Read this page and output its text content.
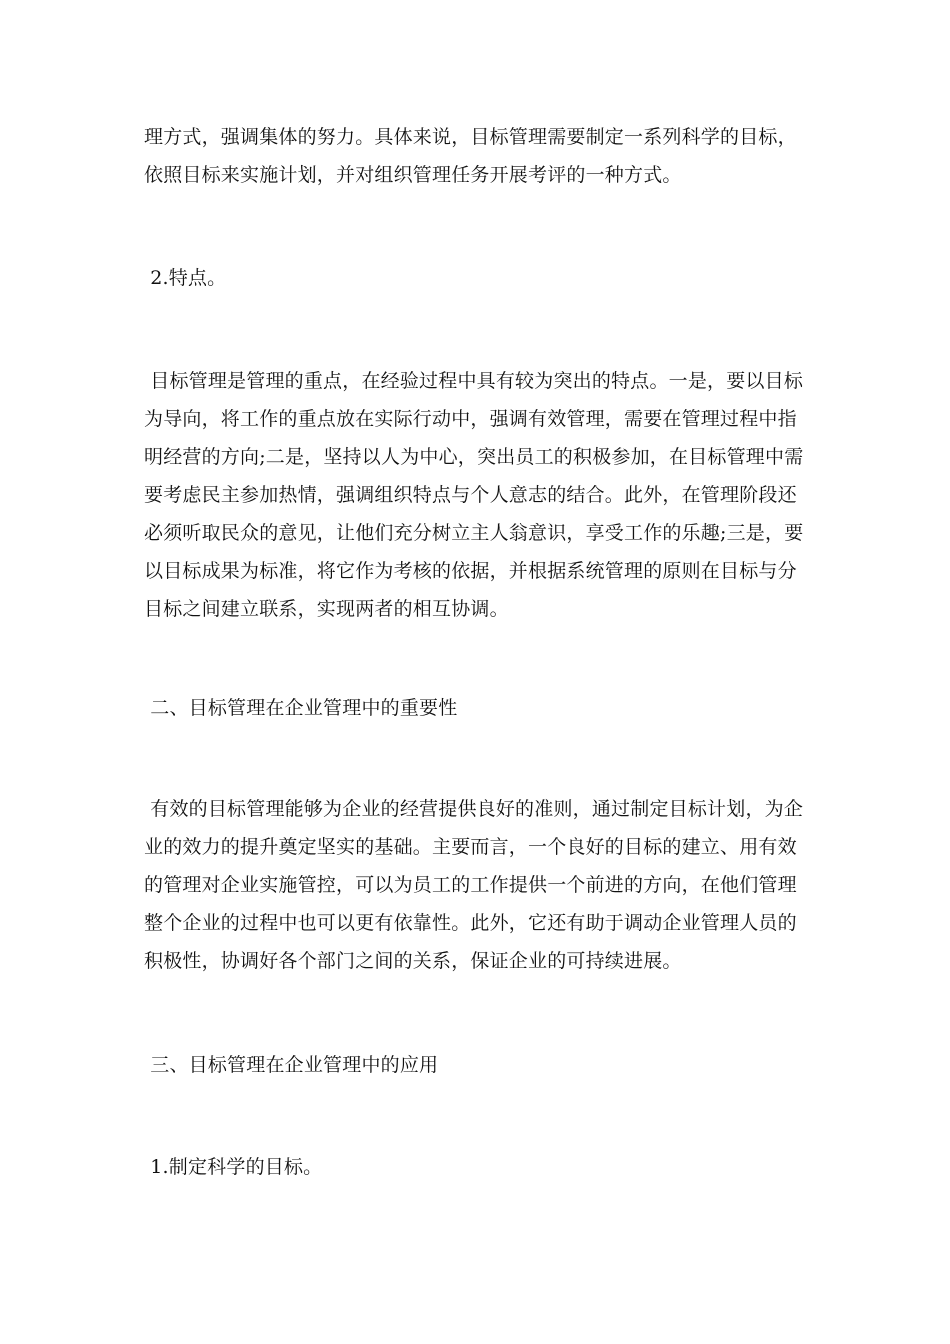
理方式，强调集体的努力。具体来说，目标管理需要制定一系列科学的目标，依照目标来实施计划，并对组织管理任务开展考评的一种方式。

2.特点。

目标管理是管理的重点，在经验过程中具有较为突出的特点。一是，要以目标为导向，将工作的重点放在实际行动中，强调有效管理，需要在管理过程中指明经营的方向;二是，坚持以人为中心，突出员工的积极参加，在目标管理中需要考虑民主参加热情，强调组织特点与个人意志的结合。此外，在管理阶段还必须听取民众的意见，让他们充分树立主人翁意识，享受工作的乐趣;三是，要以目标成果为标准，将它作为考核的依据，并根据系统管理的原则在目标与分目标之间建立联系，实现两者的相互协调。

二、目标管理在企业管理中的重要性

有效的目标管理能够为企业的经营提供良好的准则，通过制定目标计划，为企业的效力的提升奠定坚实的基础。主要而言，一个良好的目标的建立、用有效的管理对企业实施管控，可以为员工的工作提供一个前进的方向，在他们管理整个企业的过程中也可以更有依靠性。此外，它还有助于调动企业管理人员的积极性，协调好各个部门之间的关系，保证企业的可持续进展。

三、目标管理在企业管理中的应用

1.制定科学的目标。
